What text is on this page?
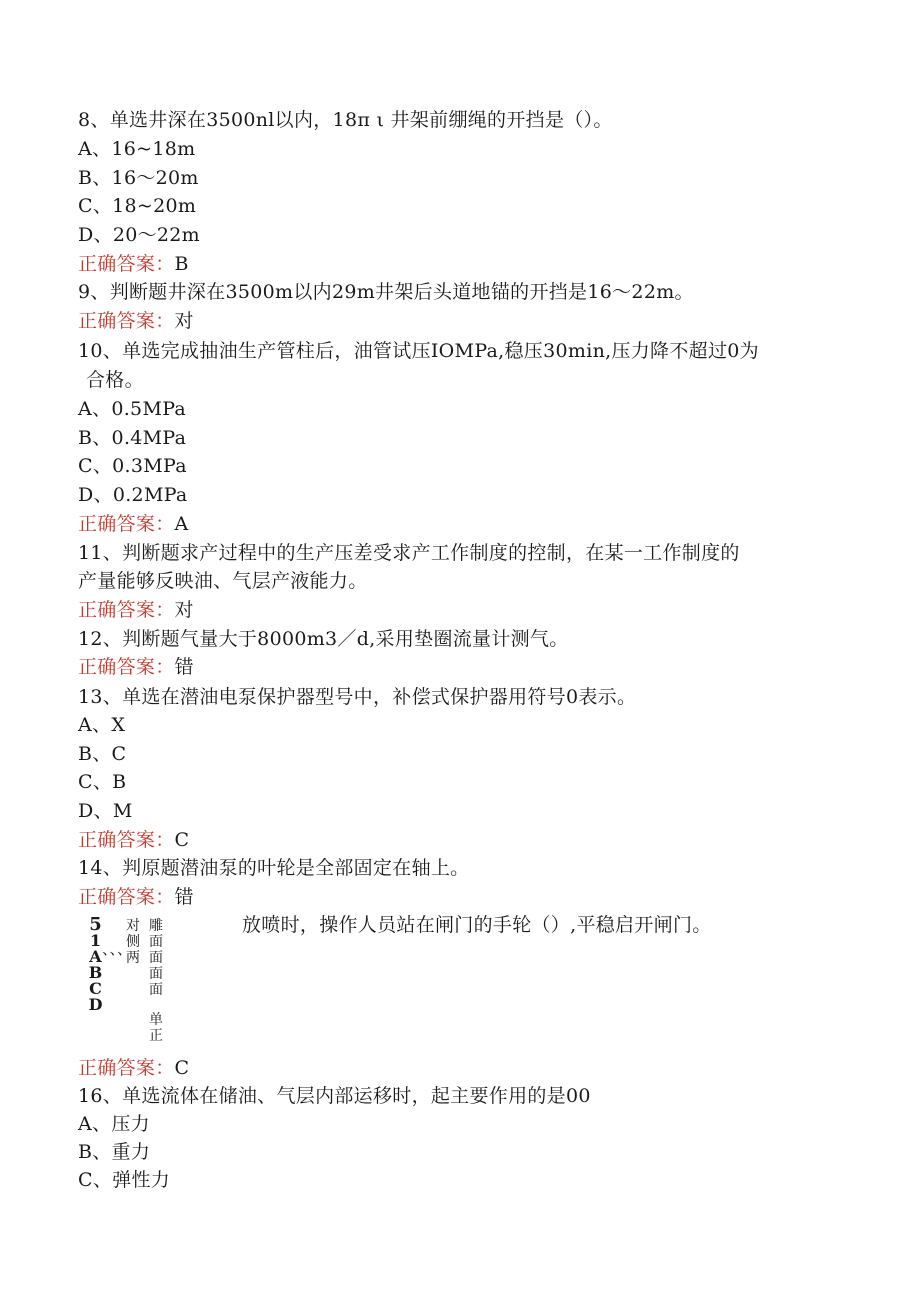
8、单选井深在3500nl以内，18π ι 井架前绷绳的开挡是（）。
A、16~18m
B、16～20m
C、18~20m
D、20～22m
正确答案：B
9、判断题井深在3500m以内29m井架后头道地锚的开挡是16～22m。
正确答案：对
10、单选完成抽油生产管柱后，油管试压IOMPa,稳压30min,压力降不超过0为
合格。
A、0.5MPa
B、0.4MPa
C、0.3MPa
D、0.2MPa
正确答案：A
11、判断题求产过程中的生产压差受求产工作制度的控制，在某一工作制度的
产量能够反映油、气层产液能力。
正确答案：对
12、判断题气量大于8000m3／d,采用垫圈流量计测气。
正确答案：错
13、单选在潜油电泵保护器型号中，补偿式保护器用符号0表示。
A、X
B、C
C、B
D、M
正确答案：C
14、判原题潜油泵的叶轮是全部固定在轴上。
正确答案：错
5
1ABCD
、、、
对侧两
雕面面面面
单正
放喷时，操作人员站在闸门的手轮（）,平稳启开闸门。
正确答案：C
16、单选流体在储油、气层内部运移时，起主要作用的是00
A、压力
B、重力
C、弹性力
